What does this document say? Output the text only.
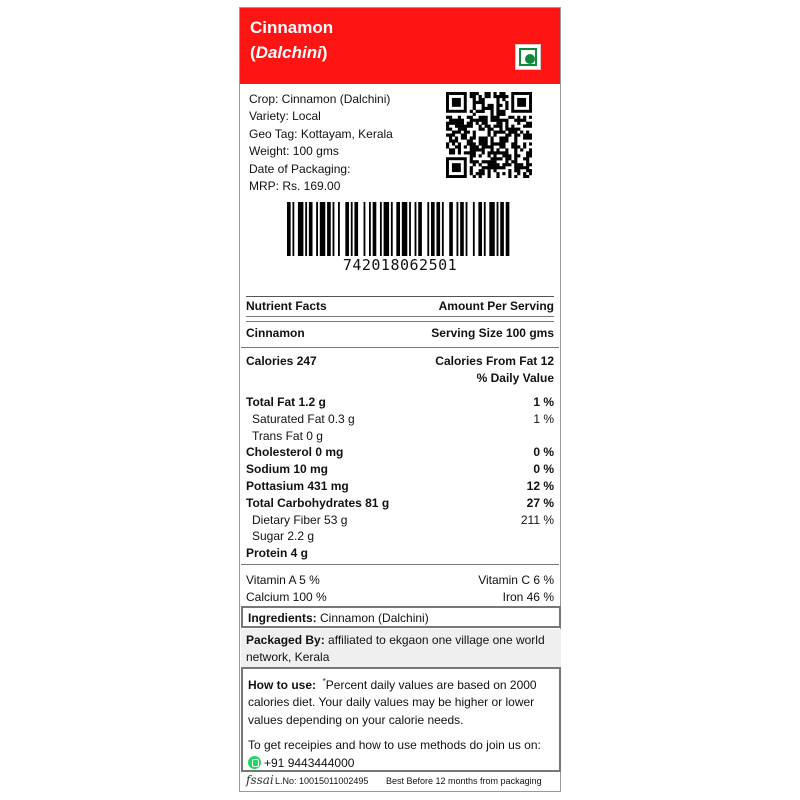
Cinnamon
(Dalchini)
Crop: Cinnamon (Dalchini)
Variety: Local
Geo Tag: Kottayam, Kerala
Weight: 100 gms
Date of Packaging:
MRP: Rs. 169.00
742018062501
Nutrient Facts	Amount Per Serving
Cinnamon	Serving Size 100 gms
Calories 247	Calories From Fat 12
% Daily Value
Total Fat 1.2 g	1 %
Saturated Fat 0.3 g	1 %
Trans Fat 0 g
Cholesterol 0 mg	0 %
Sodium 10 mg	0 %
Pottasium 431 mg	12 %
Total Carbohydrates 81 g	27 %
Dietary Fiber 53 g	211 %
Sugar 2.2 g
Protein 4 g
Vitamin A 5 %	Vitamin C 6 %
Calcium 100 %	Iron 46 %
Ingredients: Cinnamon (Dalchini)
Packaged By: affiliated to ekgaon one village one world
network, Kerala
How to use: *Percent daily values are based on 2000
calories diet. Your daily values may be higher or lower
values depending on your calorie needs.

To get receipies and how to use methods do join us on:
+91 9443444000
fssai L.No: 10015011002495 Best Before 12 months from packaging
